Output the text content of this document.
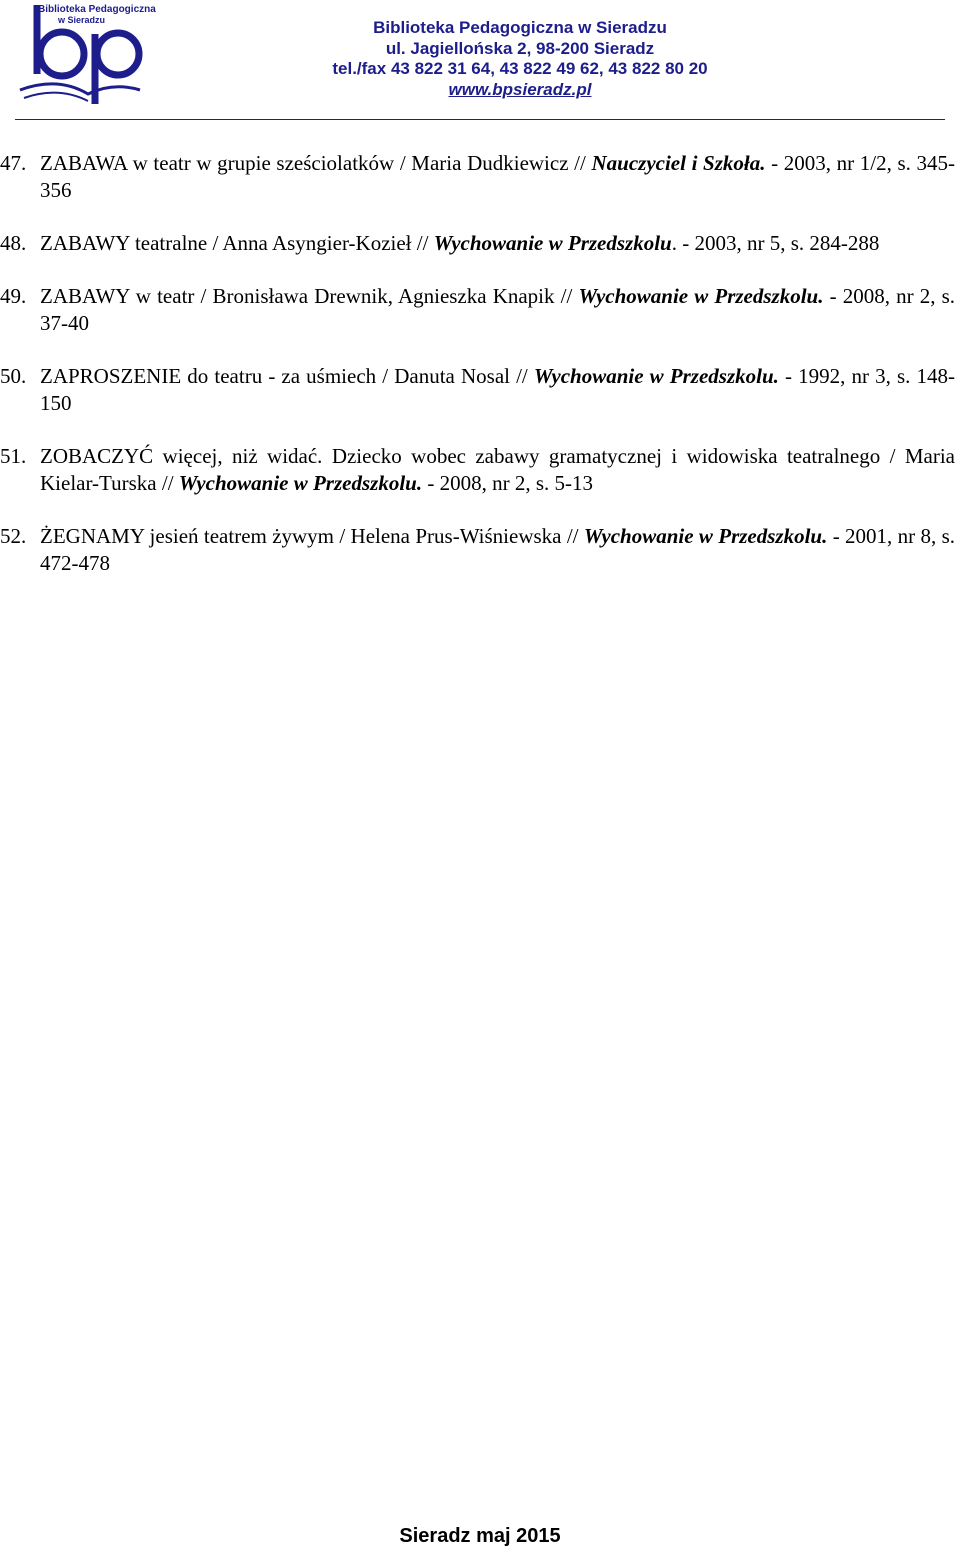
Biblioteka Pedagogiczna
w Sieradzu	Biblioteka Pedagogiczna w Sieradzu
ul. Jagiellońska 2, 98-200 Sieradz
tel./fax 43 822 31 64, 43 822 49 62, 43 822 80 20
www.bpsieradz.pl
47. ZABAWA w teatr w grupie sześciolatków / Maria Dudkiewicz // Nauczyciel i Szkoła. - 2003, nr 1/2, s. 345-356
48. ZABAWY teatralne / Anna Asyngier-Kozieł // Wychowanie w Przedszkolu. - 2003, nr 5, s. 284-288
49. ZABAWY w teatr / Bronisława Drewnik, Agnieszka Knapik // Wychowanie w Przedszkolu. - 2008, nr 2, s. 37-40
50. ZAPROSZENIE do teatru - za uśmiech / Danuta Nosal // Wychowanie w Przedszkolu. - 1992, nr 3, s. 148-150
51. ZOBACZYĆ więcej, niż widać. Dziecko wobec zabawy gramatycznej i widowiska teatralnego / Maria Kielar-Turska // Wychowanie w Przedszkolu. - 2008, nr 2, s. 5-13
52. ŻEGNAMY jesień teatrem żywym / Helena Prus-Wiśniewska // Wychowanie w Przedszkolu. - 2001, nr 8, s. 472-478
Sieradz maj 2015
